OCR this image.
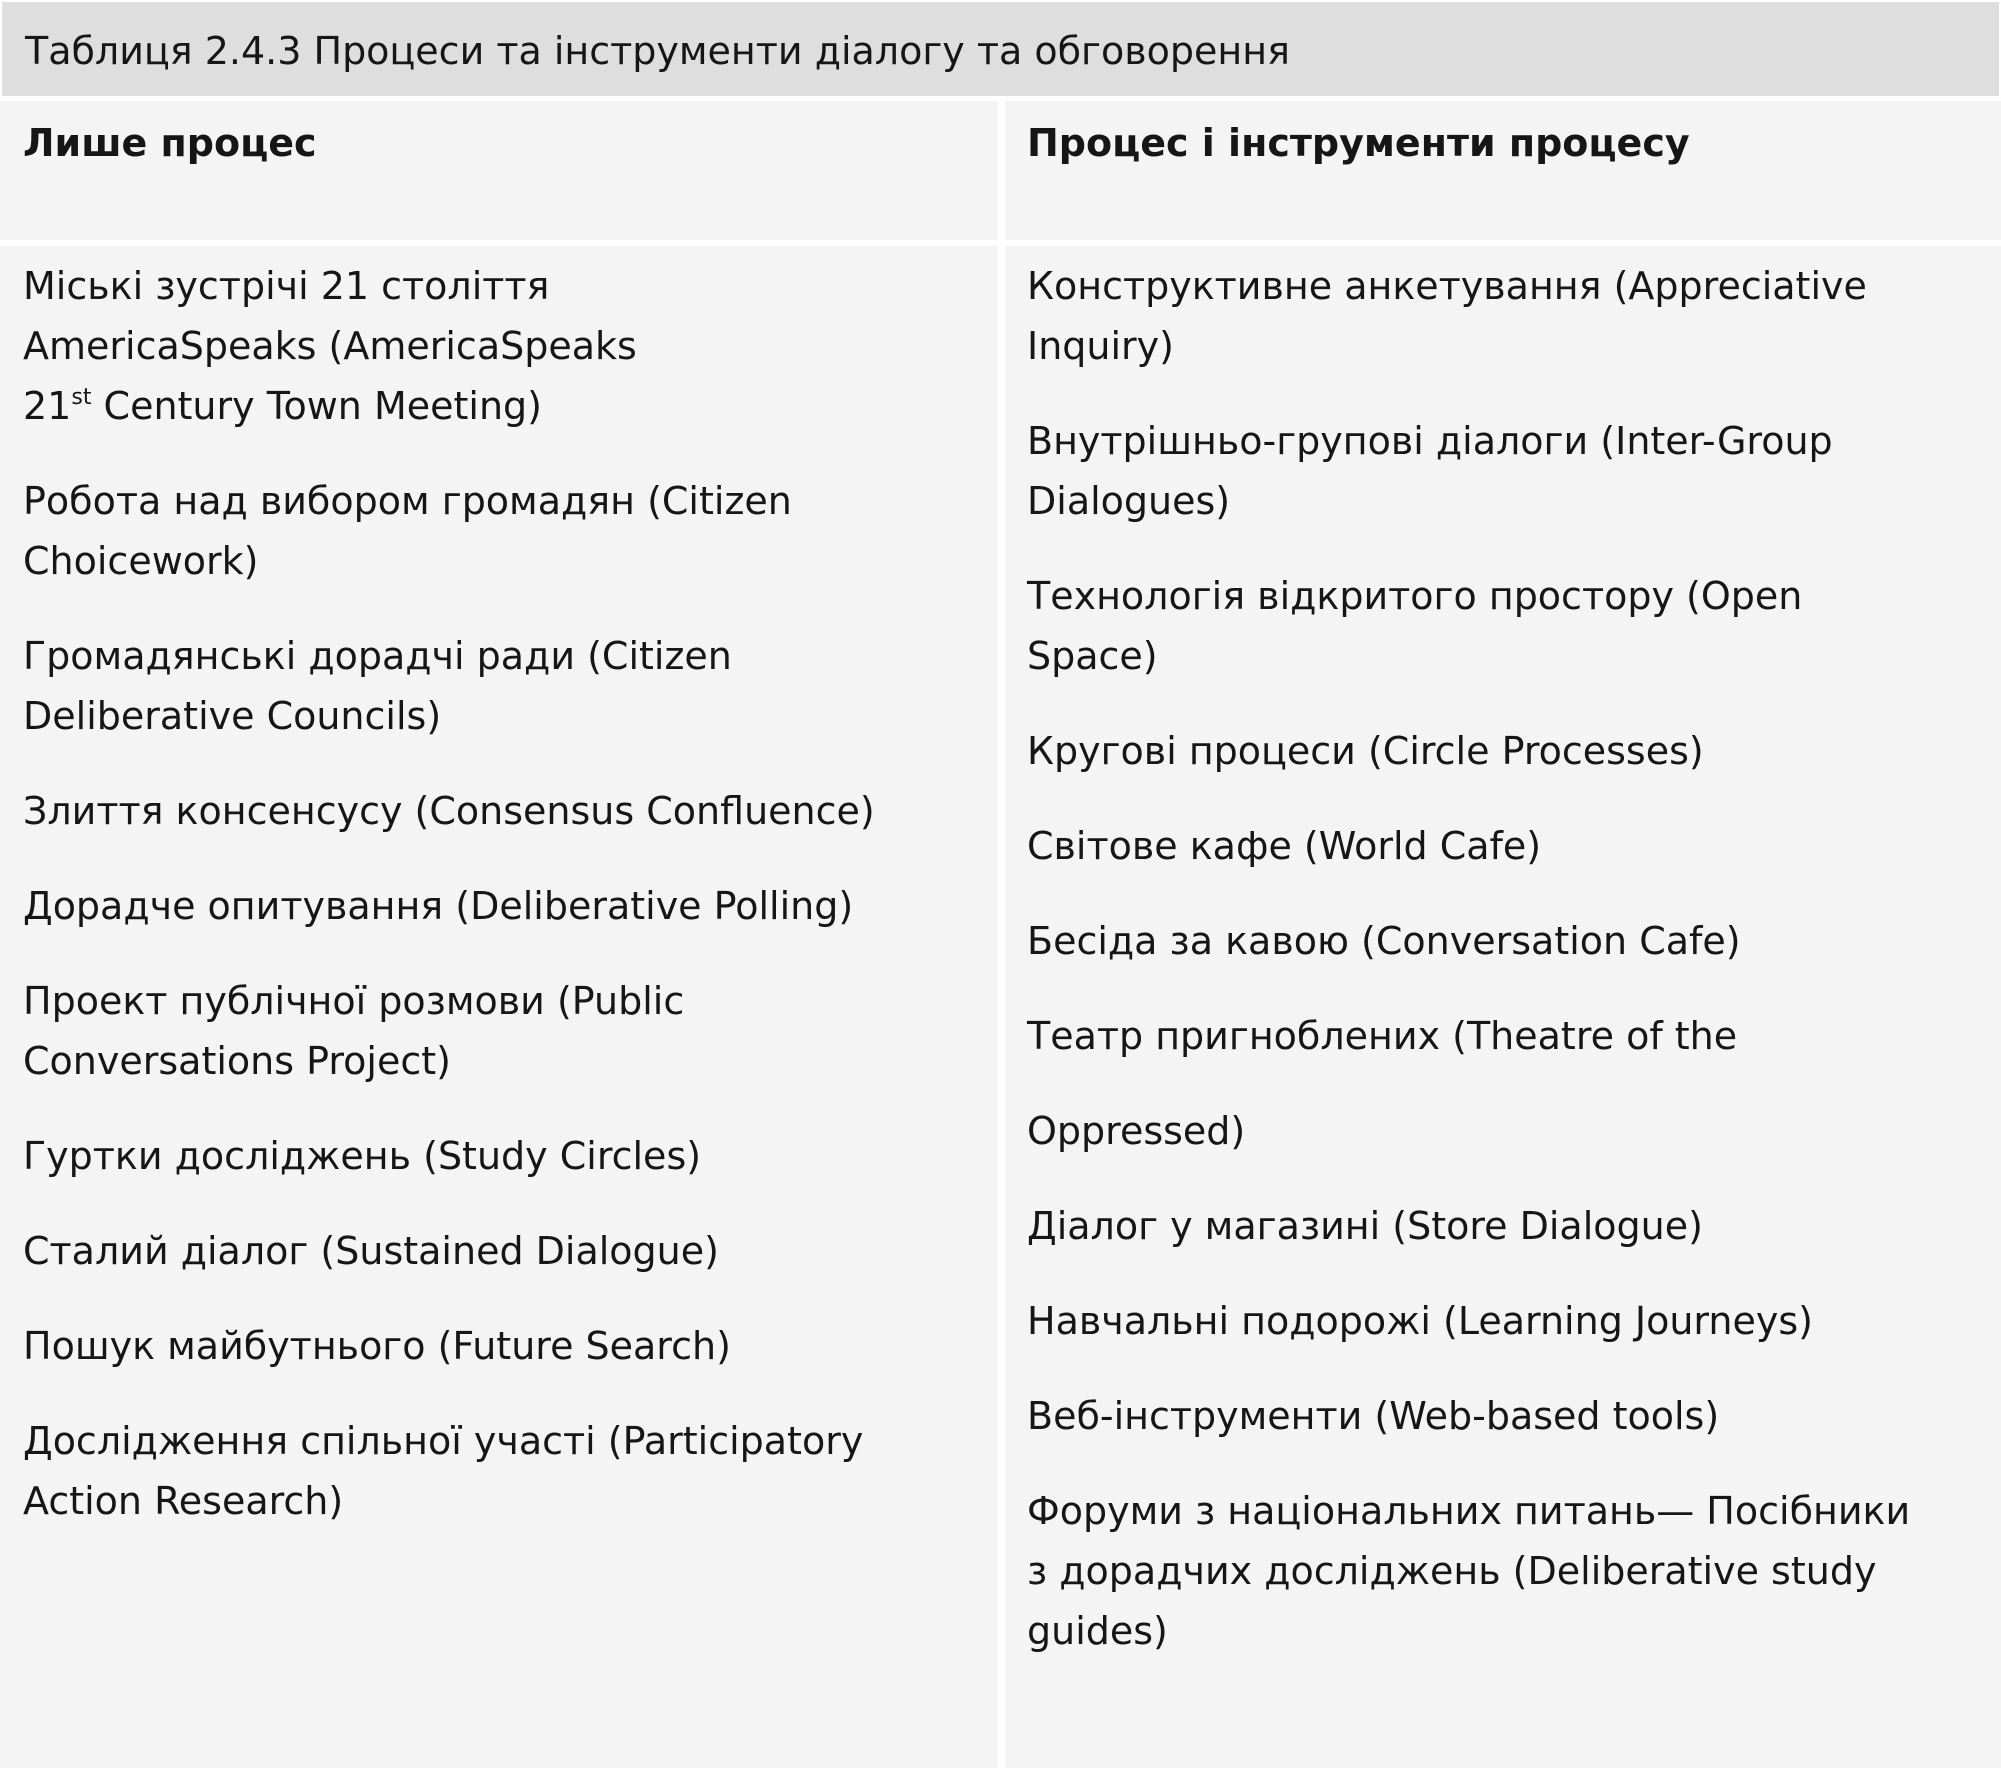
Таблиця 2.4.3 Процеси та інструменти діалогу та обговорення
Лише процес	Процес і інструменти процесу

Міські зустрічі 21 століття
AmericaSpeaks (AmericaSpeaks
21st Century Town Meeting)

Робота над вибором громадян (Citizen Choicework)

Громадянські дорадчі ради (Citizen Deliberative Councils)

Злиття консенсусу (Consensus Confluence)

Дорадче опитування (Deliberative Polling)

Проект публічної розмови (Public Conversations Project)

Гуртки досліджень (Study Circles)

Сталий діалог (Sustained Dialogue)

Пошук майбутнього (Future Search)

Дослідження спільної участі (Participatory Action Research)

Конструктивне анкетування (Appreciative Inquiry)

Внутрішньо-групові діалоги (Inter-Group Dialogues)

Технологія відкритого простору (Open Space)

Кругові процеси (Circle Processes)

Світове кафе (World Cafe)

Бесіда за кавою (Conversation Cafe)

Театр пригноблених (Theatre of the

Oppressed)

Діалог у магазині (Store Dialogue)

Навчальні подорожі (Learning Journeys)

Веб-інструменти (Web-based tools)

Форуми з національних питань— Посібники з дорадчих досліджень (Deliberative study guides)
